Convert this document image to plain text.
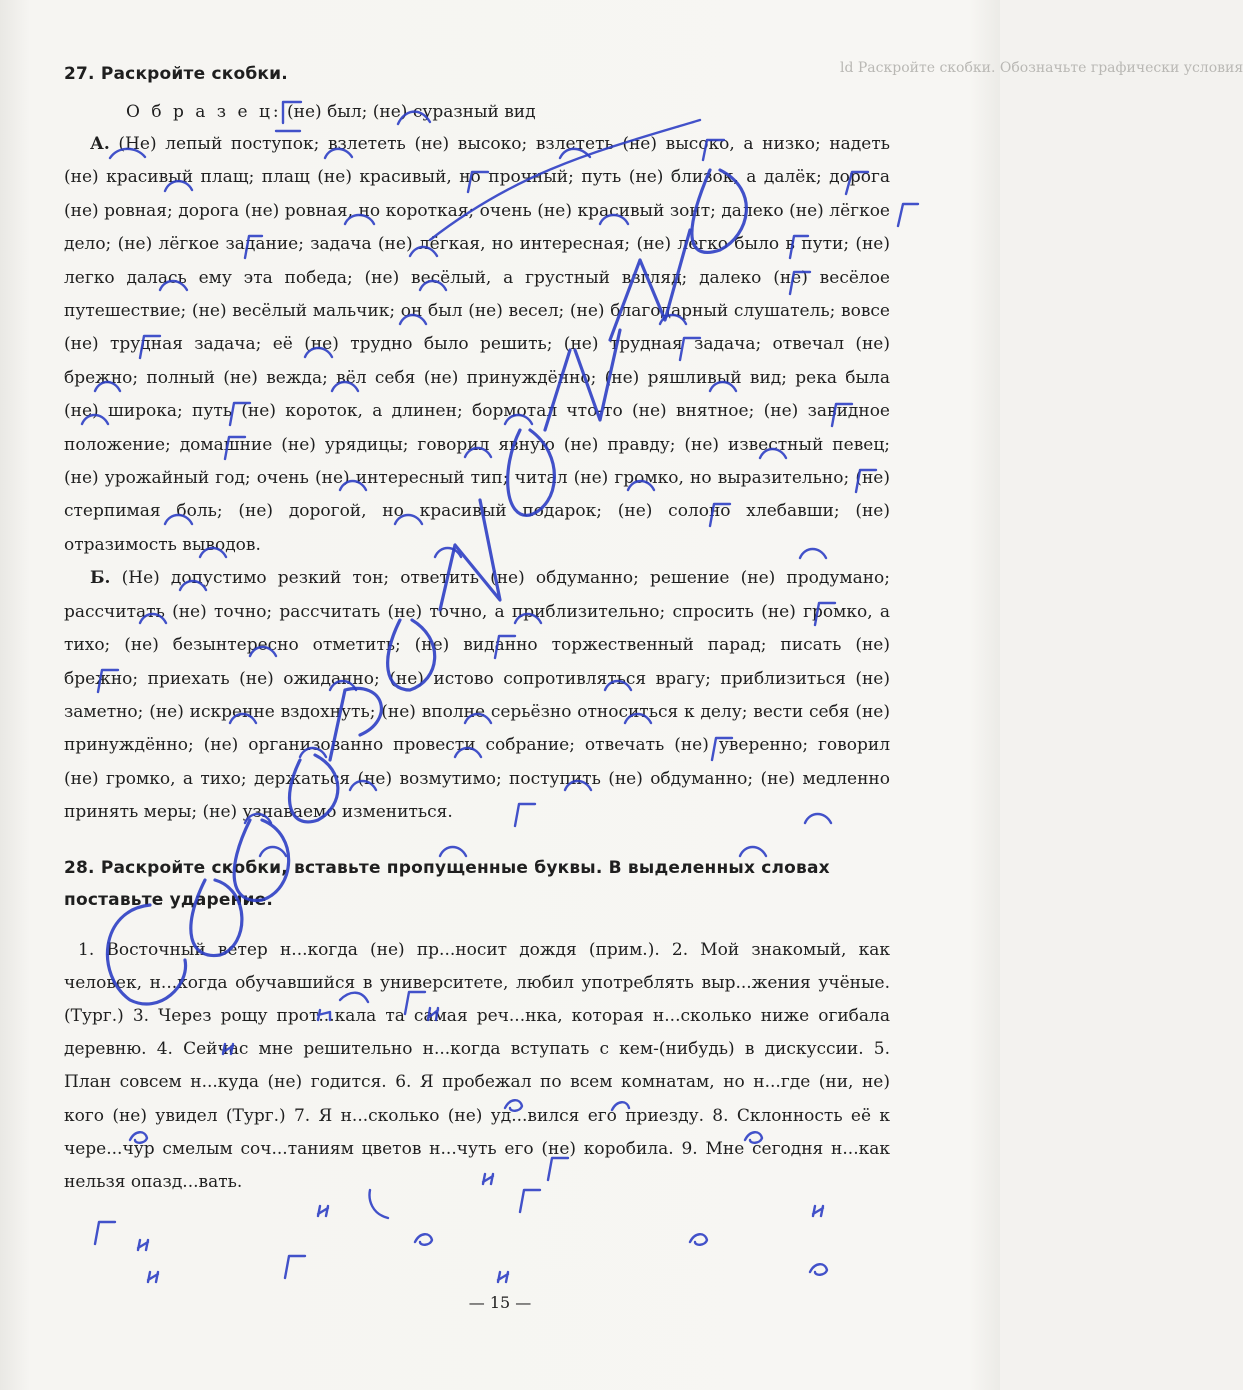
ld Раскройте скобки. Обозначьте графически условия
27. Раскройте скобки.
О б р а з е ц: (не) был; (не) суразный вид

А. (Не) лепый поступок; взлететь (не) высоко; взлететь (не) высоко, а низко; надеть (не) красивый плащ; плащ (не) красивый, но прочный; путь (не) близок, а далёк; дорога (не) ровная; дорога (не) ровная, но короткая; очень (не) красивый зонт; далеко (не) лёгкое дело; (не) лёгкое задание; задача (не) лёгкая, но интересная; (не) легко было в пути; (не) легко далась ему эта победа; (не) весёлый, а грустный взгляд; далеко (не) весёлое путешествие; (не) весёлый мальчик; он был (не) весел; (не) благодарный слушатель; вовсе (не) трудная задача; её (не) трудно было решить; (не) трудная задача; отвечал (не) брежно; полный (не) вежда; вёл себя (не) принуждённо; (не) ряшливый вид; река была (не) широка; путь (не) короток, а длинен; бормотал что-то (не) внятное; (не) завидное положение; домашние (не) урядицы; говорил явную (не) правду; (не) известный певец; (не) урожайный год; очень (не) интересный тип; читал (не) громко, но выразительно; (не) стерпимая боль; (не) дорогой, но красивый подарок; (не) солоно хлебавши; (не) отразимость выводов.

Б. (Не) допустимо резкий тон; ответить (не) обдуманно; решение (не) продумано; рассчитать (не) точно; рассчитать (не) точно, а приблизительно; спросить (не) громко, а тихо; (не) безынтересно отметить; (не) виданно торжественный парад; писать (не) брежно; приехать (не) ожиданно; (не) истово сопротивляться врагу; приблизиться (не) заметно; (не) искренне вздохнуть; (не) вполне серьёзно относиться к делу; вести себя (не) принуждённо; (не) организованно провести собрание; отвечать (не) уверенно; говорил (не) громко, а тихо; держаться (не) возмутимо; поступить (не) обдуманно; (не) медленно принять меры; (не) узнаваемо измениться.

28. Раскройте скобки, вставьте пропущенные буквы. В выделенных словах поставьте ударение.

1. Восточный ветер н...когда (не) пр...носит дождя (прим.). 2. Мой знакомый, как человек, н...когда обучавшийся в университете, любил употреблять выр...жения учёные. (Тург.) 3. Через рощу прот...кала та самая реч...нка, которая н...сколько ниже огибала деревню. 4. Сейчас мне решительно н...когда вступать с кем-(нибудь) в дискуссии. 5. План совсем н...куда (не) годится. 6. Я пробежал по всем комнатам, но н...где (ни, не) кого (не) увидел (Тург.) 7. Я н...сколько (не) уд...вился его приезду. 8. Склонность её к чере...чур смелым соч...таниям цветов н...чуть его (не) коробила. 9. Мне сегодня н...как нельзя опазд...вать.

— 15 —
